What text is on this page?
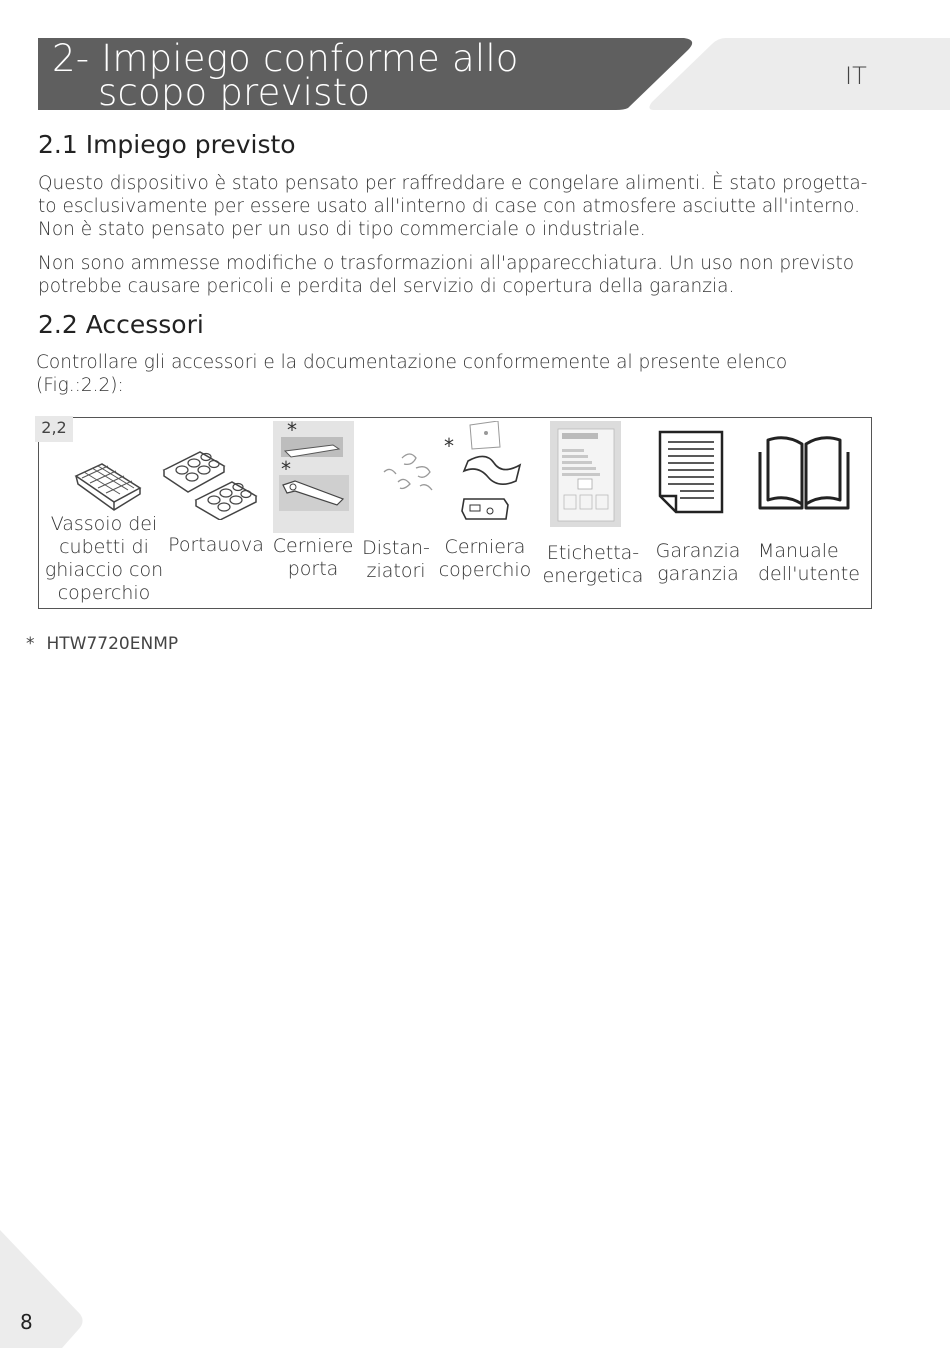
2- Impiego conforme allo
scopo previsto	IT
2.1 Impiego previsto

Questo dispositivo è stato pensato per raffreddare e congelare alimenti. È stato progetta-
to esclusivamente per essere usato all'interno di case con atmosfere asciutte all'interno.
Non è stato pensato per un uso di tipo commerciale o industriale.

Non sono ammesse modifiche o trasformazioni all'apparecchiatura. Un uso non previsto
potrebbe causare pericoli e perdita del servizio di copertura della garanzia.

2.2 Accessori

Controllare gli accessori e la documentazione conformemente al presente elenco
(Fig.:2.2):

2,2	*
*
*
Vassoio dei
cubetti di
ghiaccio con
coperchio
Portauova Cerniere
porta
Distan-
ziatori
Cerniera
coperchio
Etichetta-
energetica
Garanzia
garanzia
Manuale
dell'utente
* HTW7720ENMP
8
